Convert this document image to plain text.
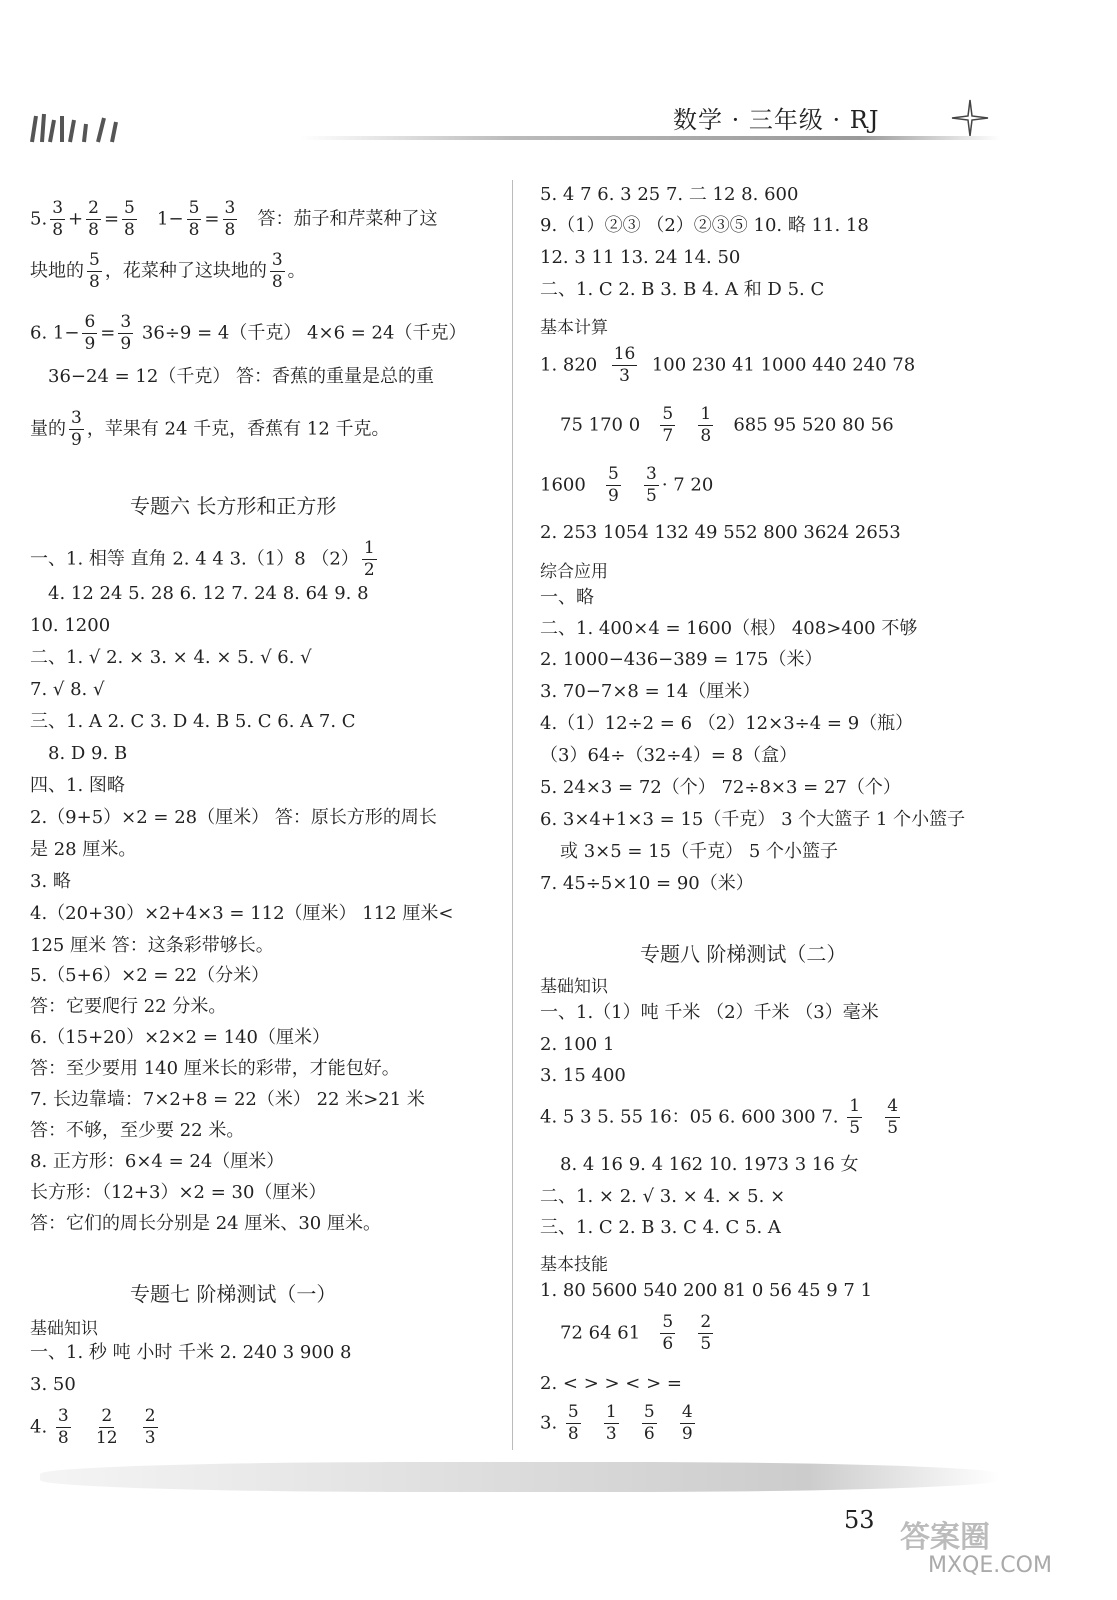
数学 · 三年级 · RJ
5. $\frac{3}{8} + \frac{2}{8} = \frac{5}{8} 1- \frac{5}{8} = \frac{3}{8}$ 答：茄子和芹菜种了这
块地的 $\frac{5}{8}$ ，花菜种了这块地的 $\frac{3}{8}$ 。
6. $1- \frac{6}{9} = \frac{3}{9} 36\div 9 = 4$（千克） 4×6 = 24（千克）
36−24 = 12（千克） 答：香蕉的重量是总的重
量的 $\frac{3}{9}$ ，苹果有 24 千克，香蕉有 12 千克。
专题六 长方形和正方形
一、1. 相等 直角 2. 4 4 3.（1）8 $(2) \frac{1}{2}$
4. 12 24 5. 28 6. 12 7. 24 8. 64 9. 8
10. 1200
二、1. √ 2. × 3. × 4. × 5. √ 6. √
7. √ 8. √
三、1. A 2. C 3. D 4. B 5. C 6. A 7. C
8. D 9. B
四、1. 图略
2.（9+5）×2 = 28（厘米） 答：原长方形的周长
是 28 厘米。
3. 略
4.（20+30）×2+4×3 = 112（厘米） 112 厘米<
125 厘米 答：这条彩带够长。
5.（5+6）×2 = 22（分米）
答：它要爬行 22 分米。
6.（15+20）×2×2 = 140（厘米）
答：至少要用 140 厘米长的彩带，才能包好。
7. 长边靠墙：7×2+8 = 22（米） 22 米>21 米
答：不够，至少要 22 米。
8. 正方形：6×4 = 24（厘米）
长方形：（12+3）×2 = 30（厘米）
答：它们的周长分别是 24 厘米、30 厘米。
专题七 阶梯测试（一）
基础知识
一、1. 秒 吨 小时 千米 2. 240 3 900 8
3. 50
4. $\frac{3}{8}$
$\frac{2}{12}$
$\frac{2}{3}$
5. 4 7 6. 3 25 7. 二 12 8. 600
9.（1）②③ （2）②③⑤ 10. 略 11. 18
12. 3 11 13. 24 14. 50
二、1. C 2. B 3. B 4. A 和 D 5. C
基本计算
1. $820 \frac{16}{3} 100$ 230 41 1000 440 240 78
75 170 $0 \frac{5}{7}$
$\frac{1}{8} 685$ 95 520 80 56
$1600 \frac{5}{9}$
$\frac{3}{5} \cdot 7$ 20
2. 253 1054 132 49 552 800 3624 2653
综合应用
一、略
二、1. 400×4 = 1600（根） 408>400 不够
2. 1000−436−389 = 175（米）
3. 70−7×8 = 14（厘米）
4.（1）12÷2 = 6 （2）12×3÷4 = 9（瓶）
（3）64÷（32÷4）= 8（盒）
5. 24×3 = 72（个） 72÷8×3 = 27（个）
6. 3×4+1×3 = 15（千克） 3 个大篮子 1 个小篮子
或 3×5 = 15（千克） 5 个小篮子
7. 45÷5×10 = 90（米）
专题八 阶梯测试（二）
基础知识
一、1.（1）吨 千米 （2）千米 （3）毫米
2. 100 1
3. 15 400
4. 5 3 5. 55 16：05 6. 600 300 7. $\frac{1}{5}$
$\frac{4}{5}$
8. 4 16 9. 4 162 10. 1973 3 16 女
二、1. × 2. √ 3. × 4. × 5. ×
三、1. C 2. B 3. C 4. C 5. A
基本技能
1. 80 5600 540 200 81 0 56 45 9 7 1
72 64 $61 \frac{5}{6}$
$\frac{2}{5}$
2. < > > < > =
3. $\frac{5}{8}$
$\frac{1}{3}$
$\frac{5}{6}$
$\frac{4}{9}$
53 答案圈
MXQE.COM
